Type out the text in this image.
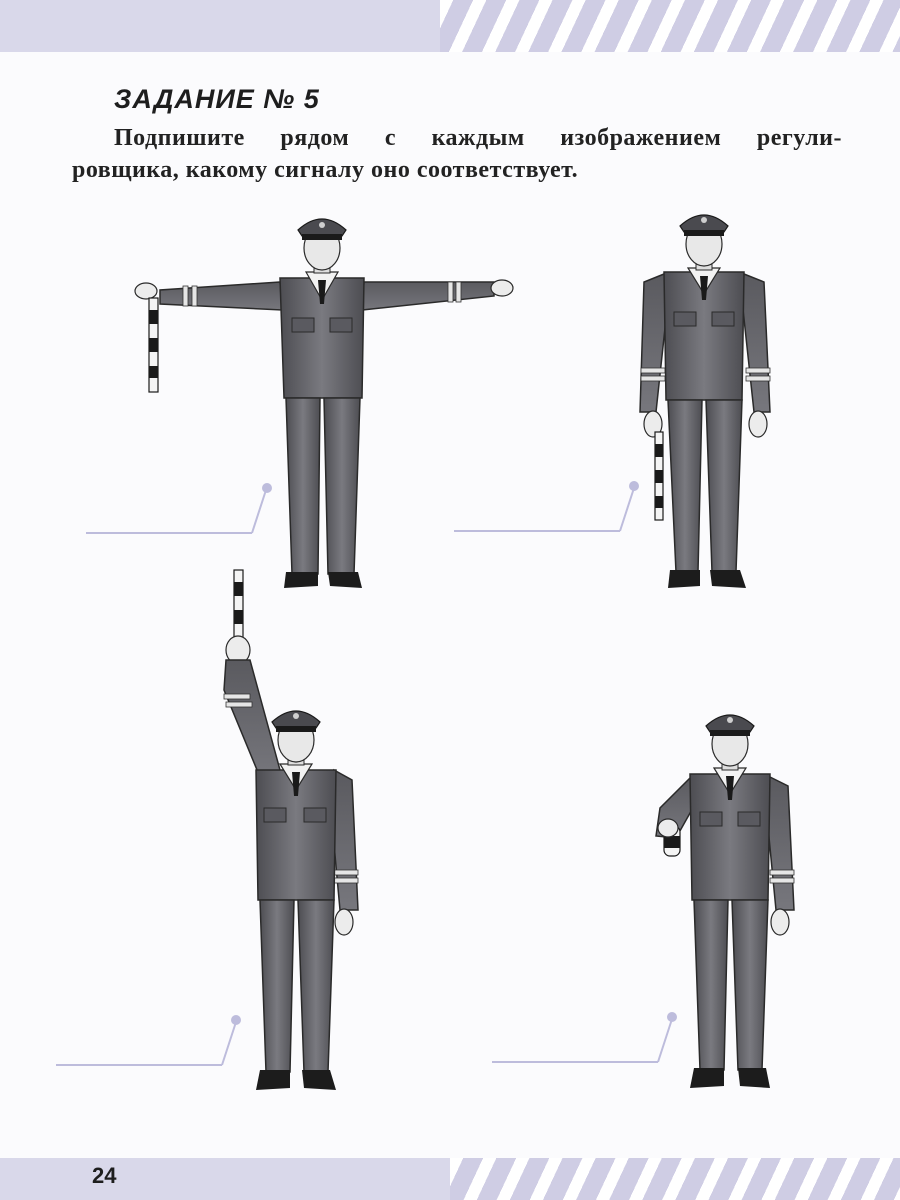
ЗАДАНИЕ № 5

Подпишите рядом с каждым изображением регули-
ровщика, какому сигналу оно соответствует.

24
